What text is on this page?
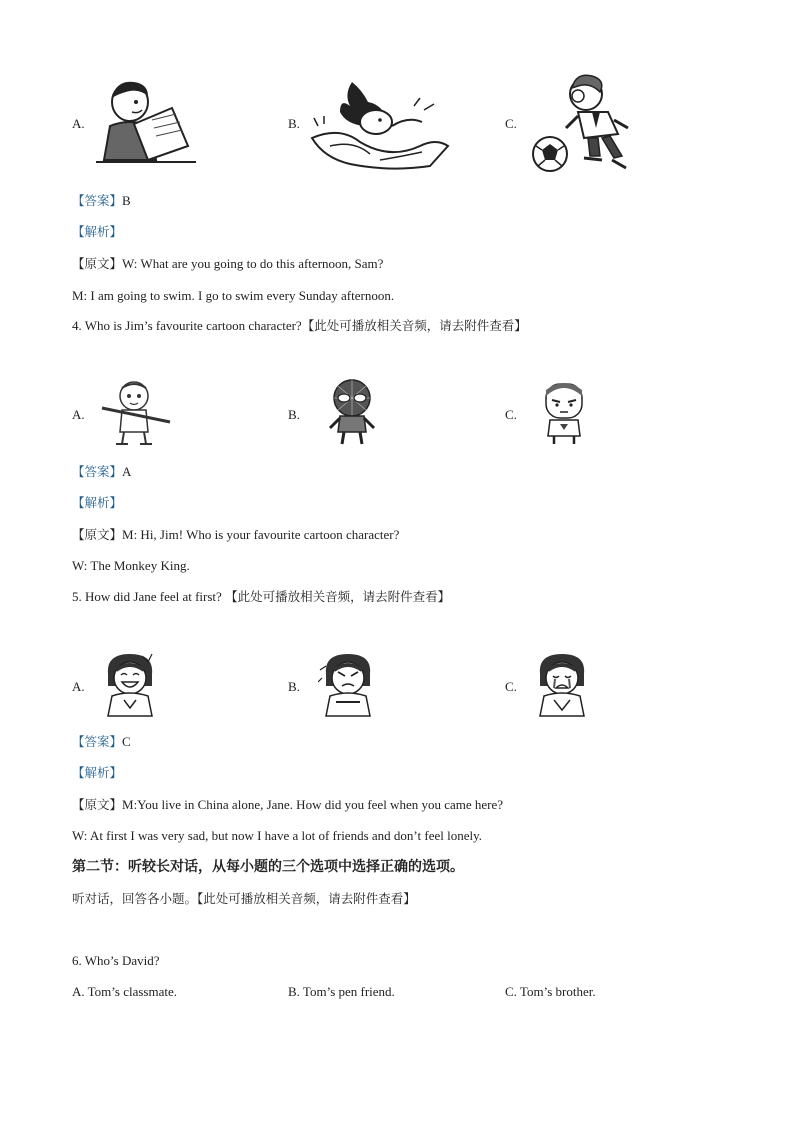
A.	B.	C.
【答案】B
【解析】
【原文】W: What are you going to do this afternoon, Sam?
M: I am going to swim. I go to swim every Sunday afternoon.
4. Who is Jim’s favourite cartoon character?【此处可播放相关音频，请去附件查看】
A.	B.	C.
【答案】A
【解析】
【原文】M: Hi, Jim! Who is your favourite cartoon character?
W: The Monkey King.
5. How did Jane feel at first? 【此处可播放相关音频，请去附件查看】
A.	B.	C.
【答案】C
【解析】
【原文】M:You live in China alone, Jane. How did you feel when you came here?
W: At first I was very sad, but now I have a lot of friends and don’t feel lonely.
第二节：听较长对话，从每小题的三个选项中选择正确的选项。
听对话，回答各小题。【此处可播放相关音频，请去附件查看】
6. Who’s David?
A. Tom’s classmate.	B. Tom’s pen friend.	C. Tom’s brother.
